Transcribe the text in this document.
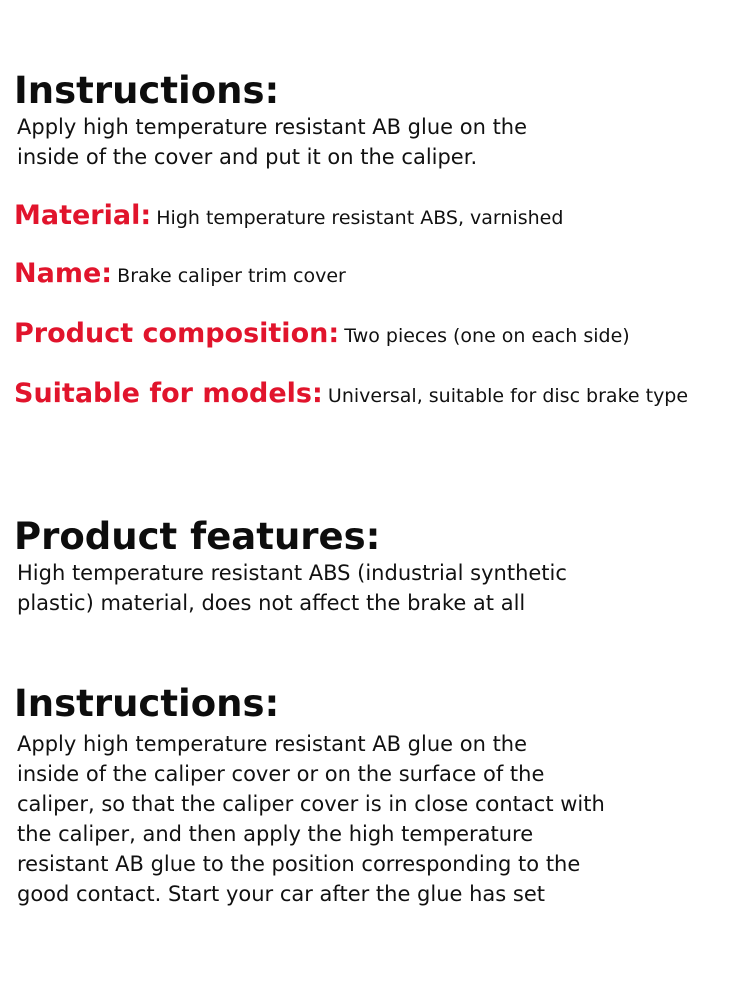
Instructions:

Apply high temperature resistant AB glue on the
inside of the cover and put it on the caliper.

Material: High temperature resistant ABS, varnished

Name: Brake caliper trim cover

Product composition: Two pieces (one on each side)

Suitable for models: Universal, suitable for disc brake type

Product features:

High temperature resistant ABS (industrial synthetic
plastic) material, does not affect the brake at all

Instructions:

Apply high temperature resistant AB glue on the
inside of the caliper cover or on the surface of the
caliper, so that the caliper cover is in close contact with
the caliper, and then apply the high temperature
resistant AB glue to the position corresponding to the
good contact. Start your car after the glue has set
